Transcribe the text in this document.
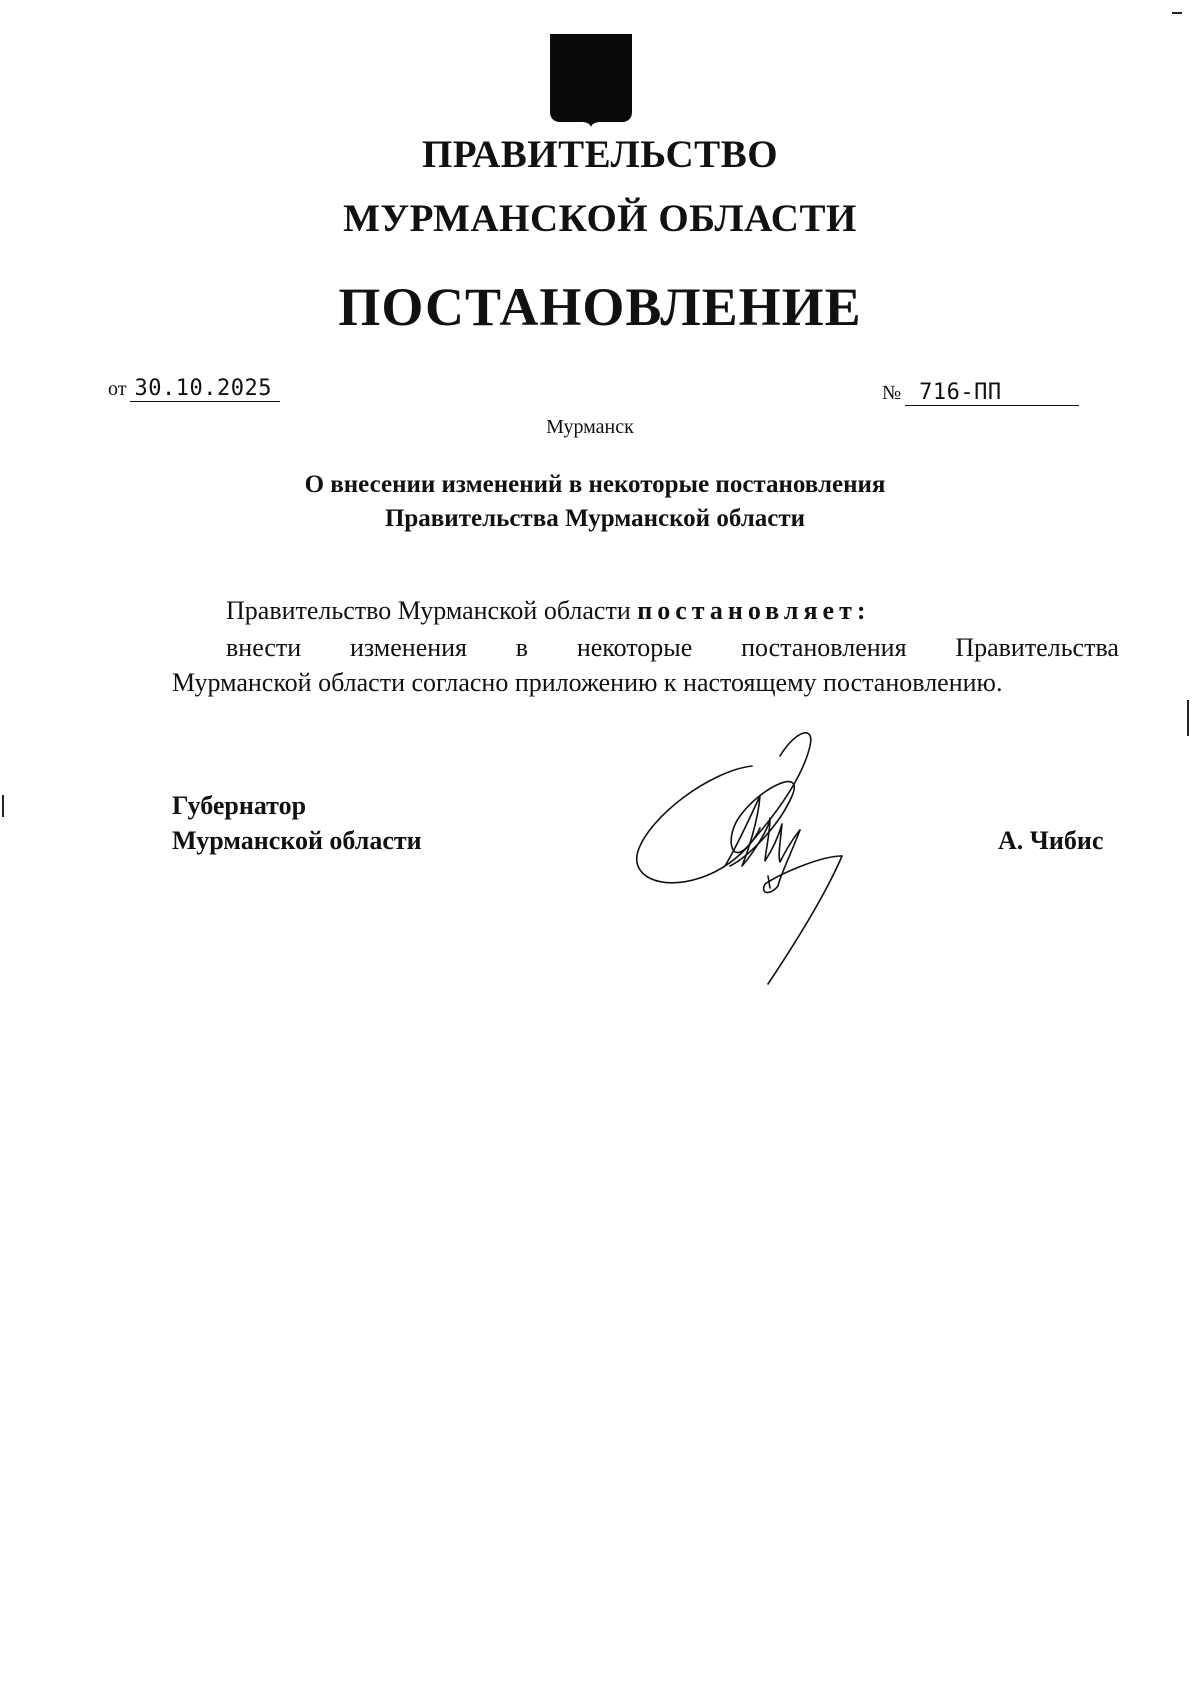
ПРАВИТЕЛЬСТВО
МУРМАНСКОЙ ОБЛАСТИ
ПОСТАНОВЛЕНИЕ
от 30.10.2025	№ 716-ПП
Мурманск
О внесении изменений в некоторые постановления
Правительства Мурманской области
Правительство Мурманской области постановляет:
внести изменения в некоторые постановления Правительства
Мурманской области согласно приложению к настоящему постановлению.
Губернатор
Мурманской области	А. Чибис
